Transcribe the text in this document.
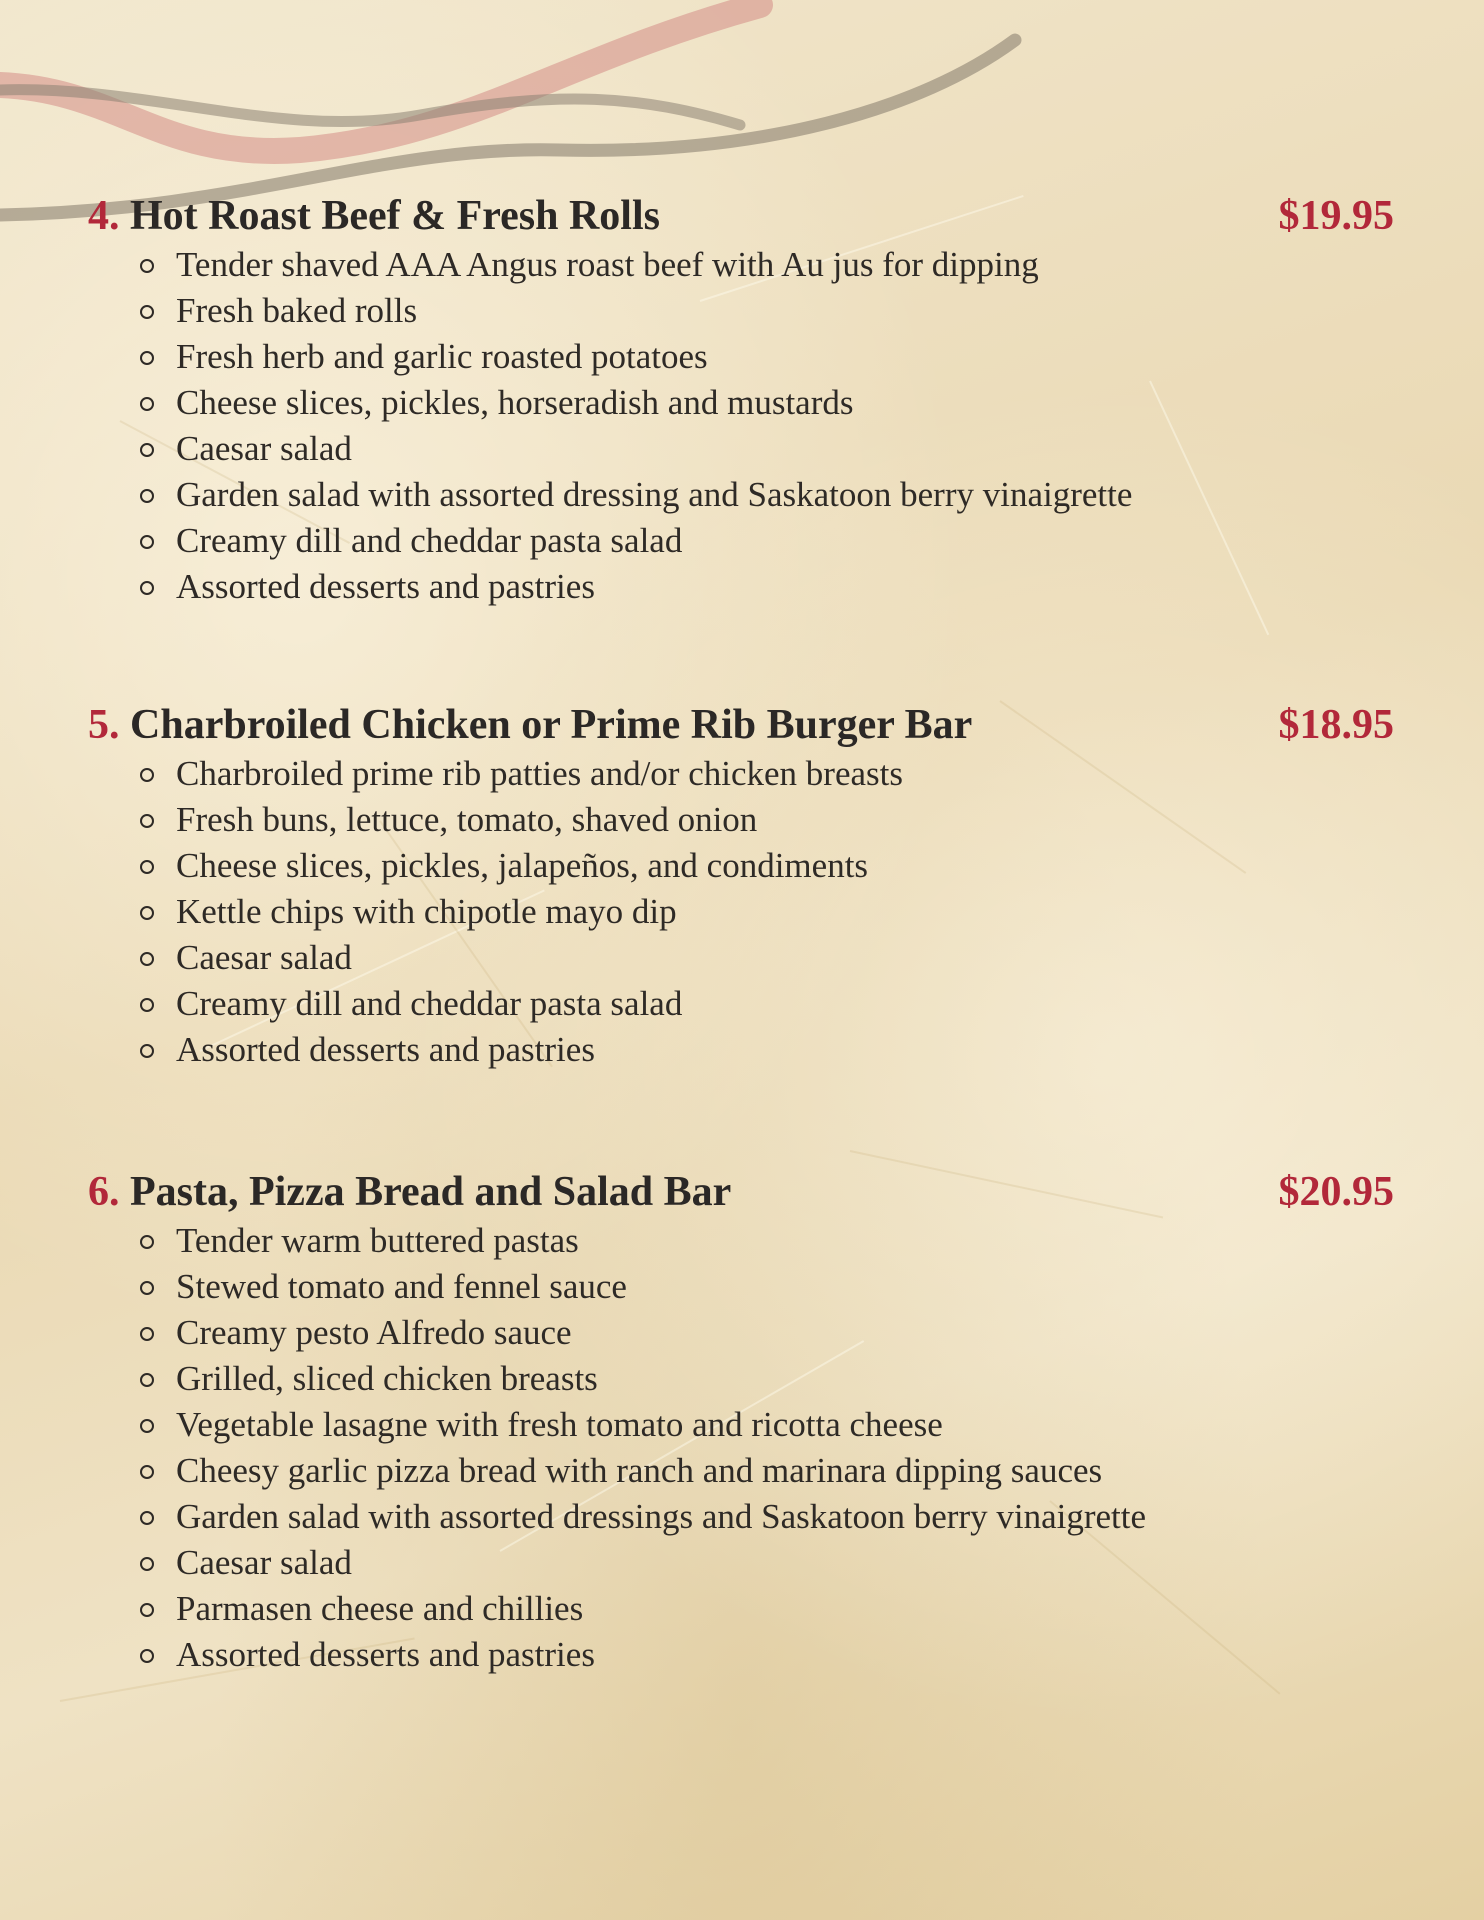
4. Hot Roast Beef & Fresh Rolls	$19.95
Tender shaved AAA Angus roast beef with Au jus for dipping
Fresh baked rolls
Fresh herb and garlic roasted potatoes
Cheese slices, pickles, horseradish and mustards
Caesar salad
Garden salad with assorted dressing and Saskatoon berry vinaigrette
Creamy dill and cheddar pasta salad
Assorted desserts and pastries
5. Charbroiled Chicken or Prime Rib Burger Bar	$18.95
Charbroiled prime rib patties and/or chicken breasts
Fresh buns, lettuce, tomato, shaved onion
Cheese slices, pickles, jalapeños, and condiments
Kettle chips with chipotle mayo dip
Caesar salad
Creamy dill and cheddar pasta salad
Assorted desserts and pastries
6. Pasta, Pizza Bread and Salad Bar	$20.95
Tender warm buttered pastas
Stewed tomato and fennel sauce
Creamy pesto Alfredo sauce
Grilled, sliced chicken breasts
Vegetable lasagne with fresh tomato and ricotta cheese
Cheesy garlic pizza bread with ranch and marinara dipping sauces
Garden salad with assorted dressings and Saskatoon berry vinaigrette
Caesar salad
Parmasen cheese and chillies
Assorted desserts and pastries
